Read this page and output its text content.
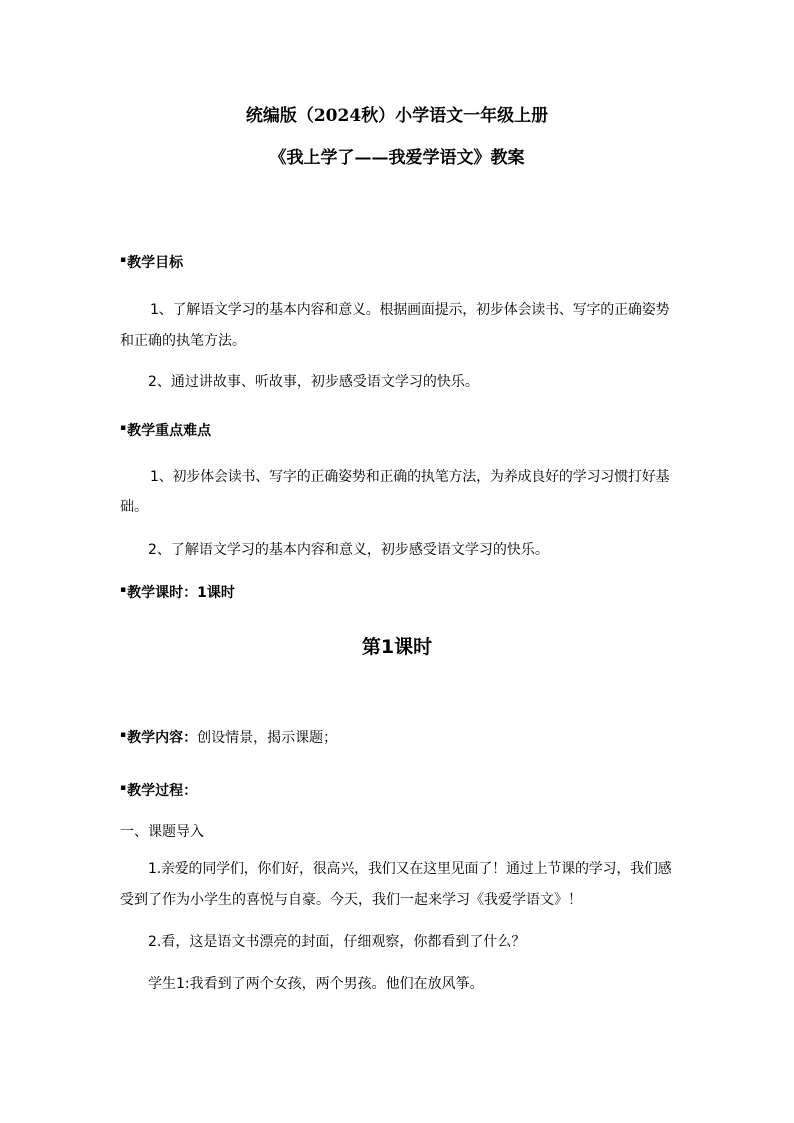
统编版（2024秋）小学语文一年级上册
《我上学了——我爱学语文》教案
▪教学目标
1、了解语文学习的基本内容和意义。根据画面提示，初步体会读书、写字的正确姿势
和正确的执笔方法。
2、通过讲故事、听故事，初步感受语文学习的快乐。
▪教学重点难点
1、初步体会读书、写字的正确姿势和正确的执笔方法，为养成良好的学习习惯打好基
础。
2、了解语文学习的基本内容和意义，初步感受语文学习的快乐。
▪教学课时：1课时
第1课时
▪教学内容：创设情景，揭示课题；
▪教学过程：
一、课题导入
1.亲爱的同学们，你们好，很高兴，我们又在这里见面了！通过上节课的学习，我们感
受到了作为小学生的喜悦与自豪。今天，我们一起来学习《我爱学语文》！
2.看，这是语文书漂亮的封面，仔细观察，你都看到了什么？
学生1:我看到了两个女孩，两个男孩。他们在放风筝。
